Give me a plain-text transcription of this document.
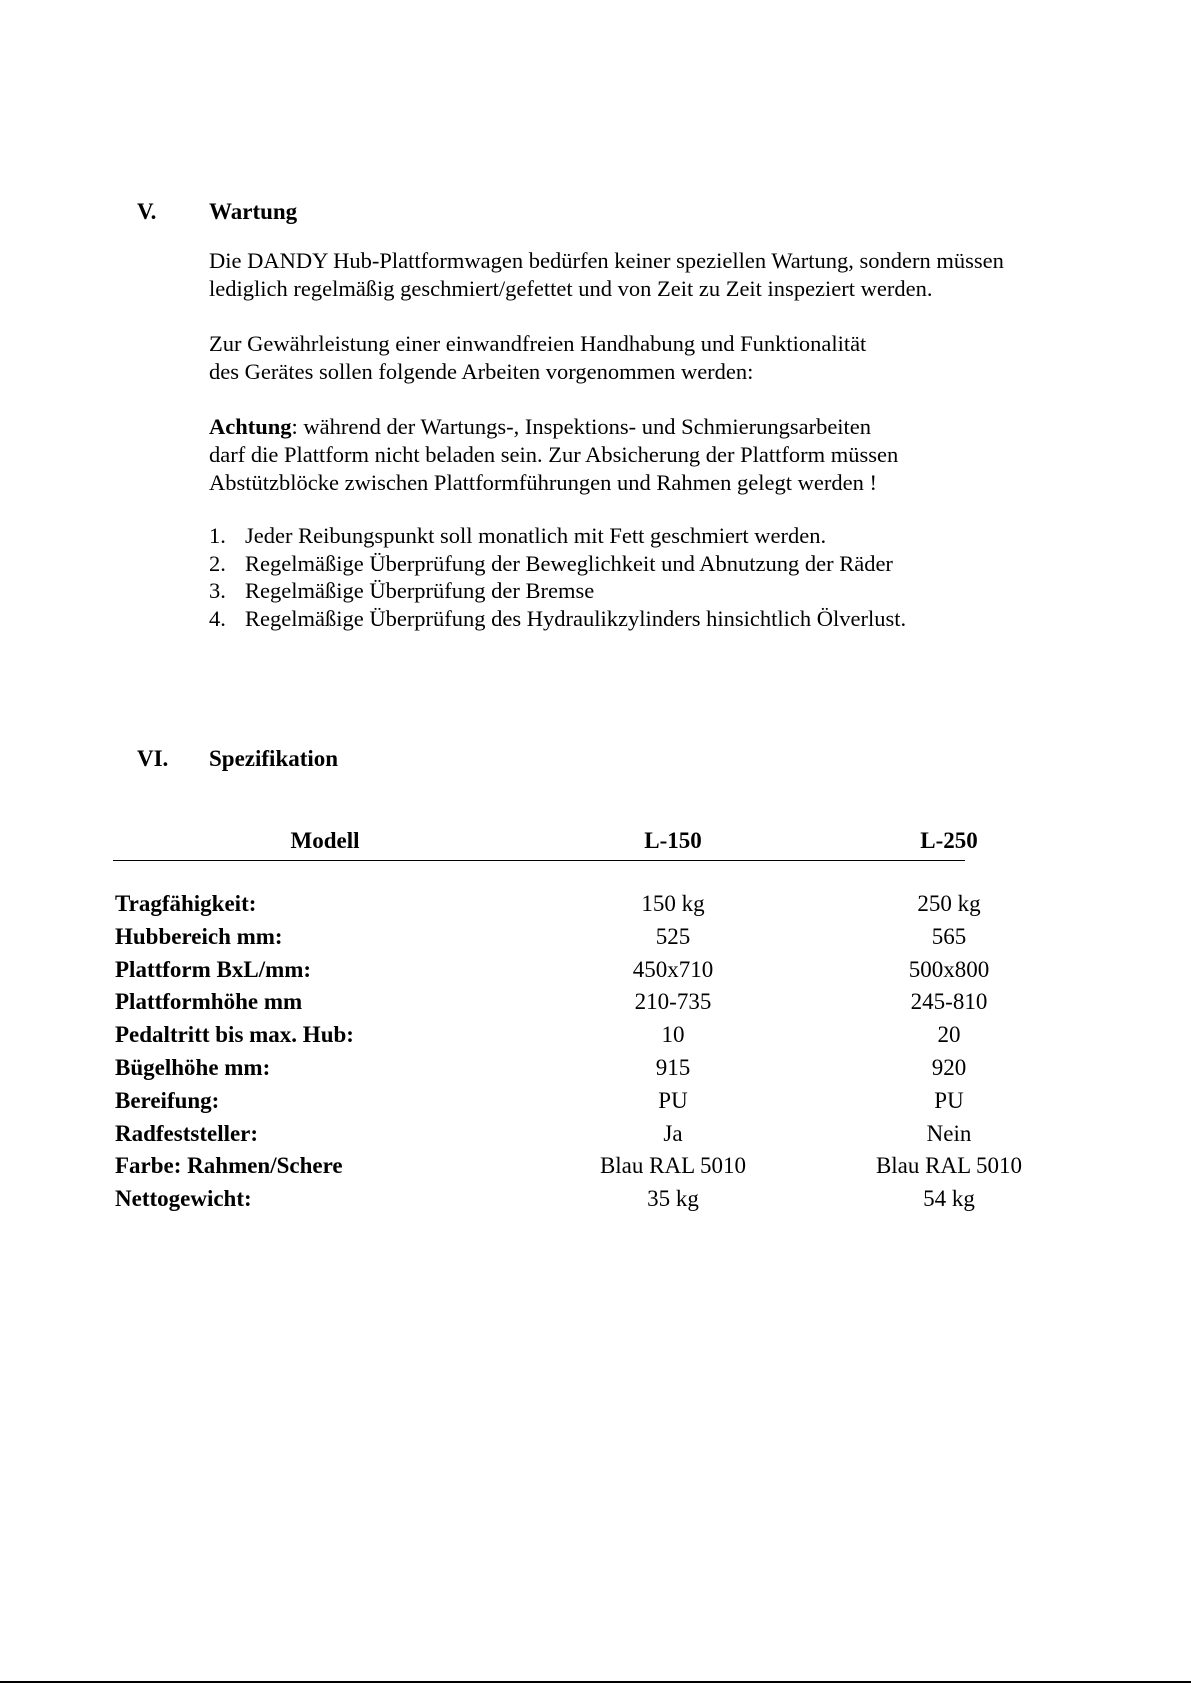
V. Wartung
Die DANDY Hub-Plattformwagen bedürfen keiner speziellen Wartung, sondern müssen
lediglich regelmäßig geschmiert/gefettet und von Zeit zu Zeit inspeziert werden.
Zur Gewährleistung einer einwandfreien Handhabung und Funktionalität
des Gerätes sollen folgende Arbeiten vorgenommen werden:
Achtung: während der Wartungs-, Inspektions- und Schmierungsarbeiten
darf die Plattform nicht beladen sein. Zur Absicherung der Plattform müssen
Abstützblöcke zwischen Plattformführungen und Rahmen gelegt werden !
1. Jeder Reibungspunkt soll monatlich mit Fett geschmiert werden.
2. Regelmäßige Überprüfung der Beweglichkeit und Abnutzung der Räder
3. Regelmäßige Überprüfung der Bremse
4. Regelmäßige Überprüfung des Hydraulikzylinders hinsichtlich Ölverlust.
VI. Spezifikation
Modell	L-150	L-250
Tragfähigkeit:	150 kg	250 kg
Hubbereich mm:	525	565
Plattform BxL/mm:	450x710	500x800
Plattformhöhe mm	210-735	245-810
Pedaltritt bis max. Hub:	10	20
Bügelhöhe mm:	915	920
Bereifung:	PU	PU
Radfeststeller:	Ja	Nein
Farbe: Rahmen/Schere	Blau RAL 5010	Blau RAL 5010
Nettogewicht:	35 kg	54 kg
